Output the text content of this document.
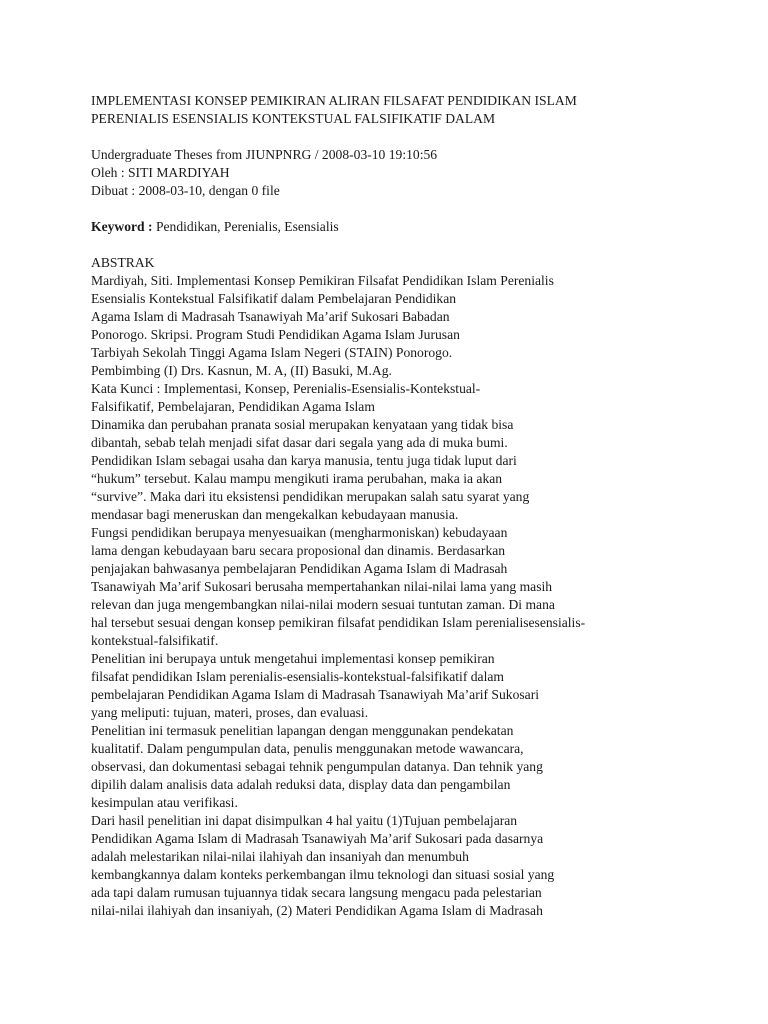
IMPLEMENTASI KONSEP PEMIKIRAN ALIRAN FILSAFAT PENDIDIKAN ISLAM
PERENIALIS ESENSIALIS KONTEKSTUAL FALSIFIKATIF DALAM
Undergraduate Theses from JIUNPNRG / 2008-03-10 19:10:56
Oleh : SITI MARDIYAH
Dibuat : 2008-03-10, dengan 0 file
Keyword : Pendidikan, Perenialis, Esensialis
ABSTRAK
Mardiyah, Siti. Implementasi Konsep Pemikiran Filsafat Pendidikan Islam Perenialis
Esensialis Kontekstual Falsifikatif dalam Pembelajaran Pendidikan
Agama Islam di Madrasah Tsanawiyah Ma’arif Sukosari Babadan
Ponorogo. Skripsi. Program Studi Pendidikan Agama Islam Jurusan
Tarbiyah Sekolah Tinggi Agama Islam Negeri (STAIN) Ponorogo.
Pembimbing (I) Drs. Kasnun, M. A, (II) Basuki, M.Ag.
Kata Kunci : Implementasi, Konsep, Perenialis-Esensialis-Kontekstual-
Falsifikatif, Pembelajaran, Pendidikan Agama Islam
Dinamika dan perubahan pranata sosial merupakan kenyataan yang tidak bisa
dibantah, sebab telah menjadi sifat dasar dari segala yang ada di muka bumi.
Pendidikan Islam sebagai usaha dan karya manusia, tentu juga tidak luput dari
“hukum” tersebut. Kalau mampu mengikuti irama perubahan, maka ia akan
“survive”. Maka dari itu eksistensi pendidikan merupakan salah satu syarat yang
mendasar bagi meneruskan dan mengekalkan kebudayaan manusia.
Fungsi pendidikan berupaya menyesuaikan (mengharmoniskan) kebudayaan
lama dengan kebudayaan baru secara proposional dan dinamis. Berdasarkan
penjajakan bahwasanya pembelajaran Pendidikan Agama Islam di Madrasah
Tsanawiyah Ma’arif Sukosari berusaha mempertahankan nilai-nilai lama yang masih
relevan dan juga mengembangkan nilai-nilai modern sesuai tuntutan zaman. Di mana
hal tersebut sesuai dengan konsep pemikiran filsafat pendidikan Islam perenialisesensialis-
kontekstual-falsifikatif.
Penelitian ini berupaya untuk mengetahui implementasi konsep pemikiran
filsafat pendidikan Islam perenialis-esensialis-kontekstual-falsifikatif dalam
pembelajaran Pendidikan Agama Islam di Madrasah Tsanawiyah Ma’arif Sukosari
yang meliputi: tujuan, materi, proses, dan evaluasi.
Penelitian ini termasuk penelitian lapangan dengan menggunakan pendekatan
kualitatif. Dalam pengumpulan data, penulis menggunakan metode wawancara,
observasi, dan dokumentasi sebagai tehnik pengumpulan datanya. Dan tehnik yang
dipilih dalam analisis data adalah reduksi data, display data dan pengambilan
kesimpulan atau verifikasi.
Dari hasil penelitian ini dapat disimpulkan 4 hal yaitu (1)Tujuan pembelajaran
Pendidikan Agama Islam di Madrasah Tsanawiyah Ma’arif Sukosari pada dasarnya
adalah melestarikan nilai-nilai ilahiyah dan insaniyah dan menumbuh
kembangkannya dalam konteks perkembangan ilmu teknologi dan situasi sosial yang
ada tapi dalam rumusan tujuannya tidak secara langsung mengacu pada pelestarian
nilai-nilai ilahiyah dan insaniyah, (2) Materi Pendidikan Agama Islam di Madrasah
